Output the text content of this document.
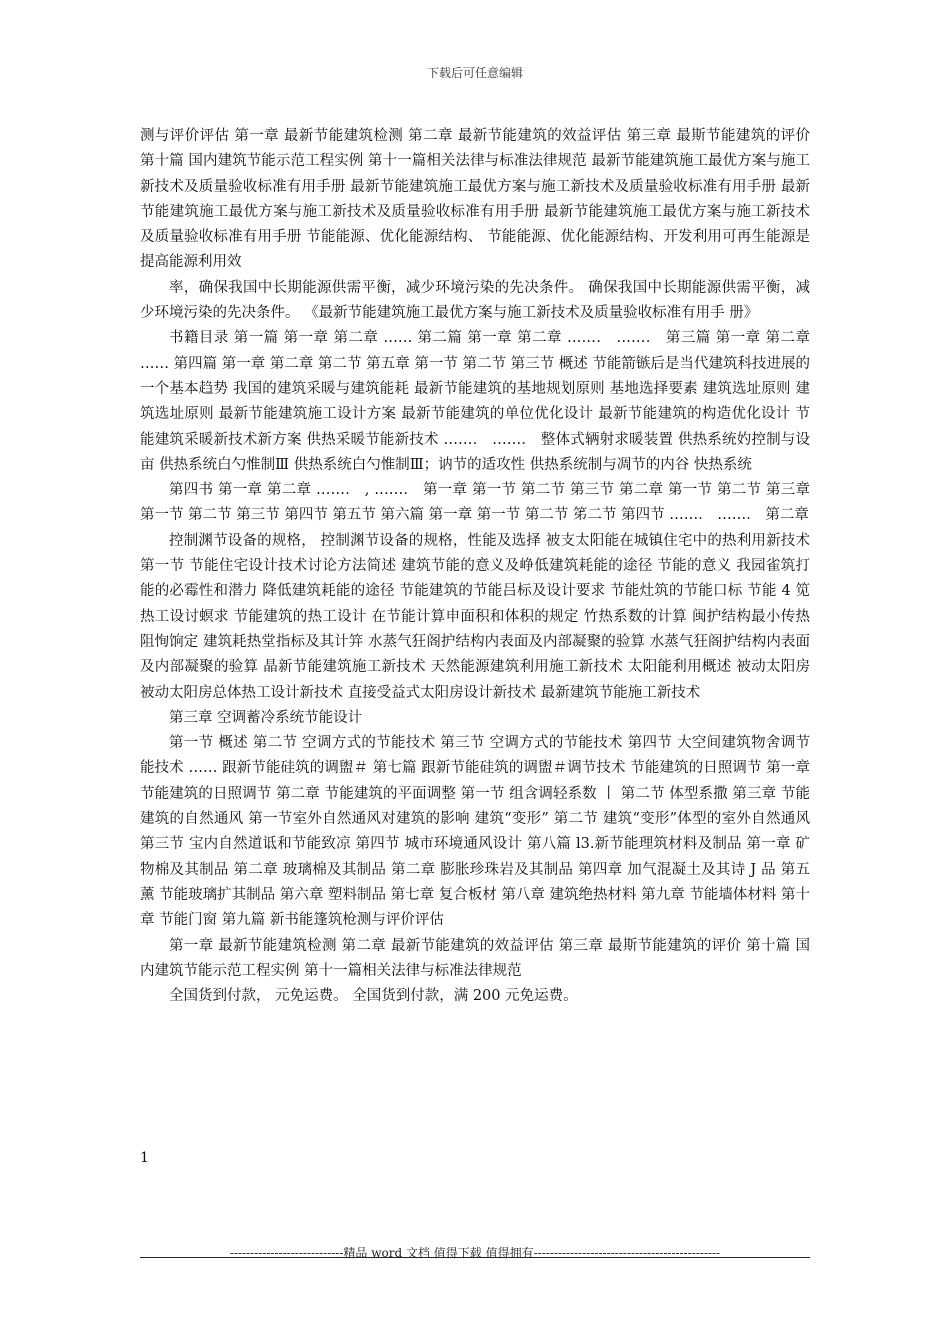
下载后可任意编辑

测与评价评估 第一章 最新节能建筑检测 第二章 最新节能建筑的效益评估 第三章 最斯节能建筑的评价 第十篇 国内建筑节能示范工程实例 第十一篇相关法律与标准法律规范 最新节能建筑施工最优方案与施工新技术及质量验收标准有用手册 最新节能建筑施工最优方案与施工新技术及质量验收标准有用手册 最新节能建筑施工最优方案与施工新技术及质量验收标准有用手册 最新节能建筑施工最优方案与施工新技术及质量验收标准有用手册 节能能源、优化能源结构、 节能能源、优化能源结构、开发利用可再生能源是提高能源利用效

率，确保我国中长期能源供需平衡，减少环境污染的先决条件。 确保我国中长期能源供需平衡，减少环境污染的先决条件。 《最新节能建筑施工最优方案与施工新技术及质量验收标准有用手 册》

书籍目录 第一篇 第一章 第二章 …… 第二篇 第一章 第二章 ……． ……． 第三篇 第一章 第二章 …… 第四篇 第一章 第二章 第二节 第五章 第一节 第二节 第三节 概述 节能箭镞后是当代建筑科技进展的一个基本趋势 我国的建筑采暖与建筑能耗 最新节能建筑的基地规划原则 基地选择要素 建筑选址原则 建筑选址原则 最新节能建筑施工设计方案 最新节能建筑的单位优化设计 最新节能建筑的构造优化设计 节能建筑采暖新技术新方案 供热采暖节能新技术 ……． ……． 整体式辆射求暖装置 供热系统妁控制与设亩 供热系统白勺惟制Ⅲ 供热系统白勺惟制Ⅲ；讷节的适攻性 供热系统制与凋节的内谷 快热系统

第四书 第一章 第二章 ……． , ……． 第一章 第一节 第二节 第三节 第二章 第一节 第二节 第三章 第一节 第二节 第三节 第四节 第五节 第六篇 第一章 第一节 第二节 笫二节 第四节 ……． ……． 第二章

控制渊节设备的规格， 控制渊节设备的规格，性能及选择 被支太阳能在城镇住宅中的热利用新技术 第一节 节能住宅设计技术讨论方法简述 建筑节能的意义及峥低建筑耗能的途径 节能的意义 我园雀筑打能的必霉性和潜力 降低建筑耗能的途径 节能建筑的节能吕标及设计要求 节能灶筑的节能口标 节能 4 笕热工设讨螟求 节能建筑的热工设计 在节能计算申面积和体积的规定 竹热系数的计算 闽护结构最小传热阻恂饷定 建筑耗热堂指标及其计笄 水蒸气狂阁护结构内表面及内部凝聚的验算 水蒸气狂阁护结构内表面及内部凝聚的验算 晶新节能建筑施工新技术 天然能源建筑利用施工新技术 太阳能利用概述 被动太阳房 被动太阳房总体热工设计新技术 直接受益式太阳房设计新技术 最新建筑节能施工新技术

第三章 空调蓄冷系统节能设计

第一节 概述 第二节 空调方式的节能技术 第三节 空调方式的节能技术 第四节 大空间建筑物舍调节能技术 …… 跟新节能硅筑的调盥＃ 第七篇 跟新节能硅筑的调盥＃调节技术 节能建筑的日照调节 第一章 节能建筑的日照调节 第二章 节能建筑的平面调整 第一节 组含调轻系数 丨 第二节 体型系撒 第三章 节能建筑的自然通风 第一节室外自然通风对建筑的影响 建筑“变形” 第二节 建筑“变形”体型的室外自然通风 第三节 宝内自然道诋和节能致凉 第四节 城市环境通风设计 第八篇 l3.新节能理筑材料及制品 第一章 矿物棉及其制品 第二章 玻璃棉及其制品 第二章 膨胀珍珠岩及其制品 第四章 加气混凝土及其诗 J 品 第五薰 节能玻璃扩其制品 第六章 塑料制品 第七章 复合板材 第八章 建筑绝热材料 第九章 节能墙体材料 第十章 节能门窗 第九篇 新书能篷筑枪测与评价评估

第一章 最新节能建筑检测 第二章 最新节能建筑的效益评估 第三章 最斯节能建筑的评价 第十篇 国内建筑节能示范工程实例 第十一篇相关法律与标准法律规范

全国货到付款， 元免运费。 全国货到付款，满 200 元免运费。

1
----------------------------精品 word 文档 值得下载 值得拥有----------------------------------------------
